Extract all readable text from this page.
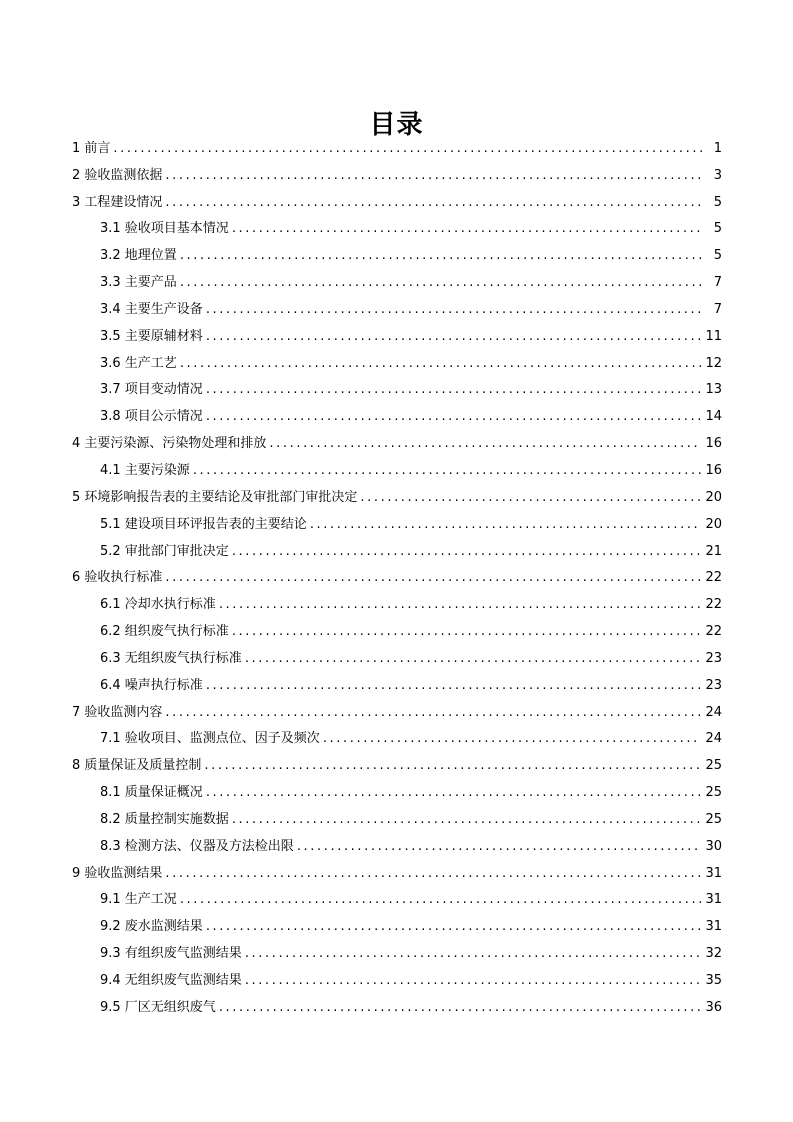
目录
1 前言 .....	1
2 验收监测依据 .....	3
3 工程建设情况 .....	5
3.1 验收项目基本情况 .....	5
3.2 地理位置 .....	5
3.3 主要产品 .....	7
3.4 主要生产设备 .....	7
3.5 主要原辅材料 .....	11
3.6 生产工艺 .....	12
3.7 项目变动情况 .....	13
3.8 项目公示情况 .....	14
4 主要污染源、污染物处理和排放 .....	16
4.1 主要污染源 .....	16
5 环境影响报告表的主要结论及审批部门审批决定 .....	20
5.1 建设项目环评报告表的主要结论 .....	20
5.2 审批部门审批决定 .....	21
6 验收执行标准 .....	22
6.1 冷却水执行标准 .....	22
6.2 组织废气执行标准 .....	22
6.3 无组织废气执行标准 .....	23
6.4 噪声执行标准 .....	23
7 验收监测内容 .....	24
7.1 验收项目、监测点位、因子及频次 .....	24
8 质量保证及质量控制 .....	25
8.1 质量保证概况 .....	25
8.2 质量控制实施数据 .....	25
8.3 检测方法、仪器及方法检出限 .....	30
9 验收监测结果 .....	31
9.1 生产工况 .....	31
9.2 废水监测结果 .....	31
9.3 有组织废气监测结果 .....	32
9.4 无组织废气监测结果 .....	35
9.5 厂区无组织废气 .....	36
